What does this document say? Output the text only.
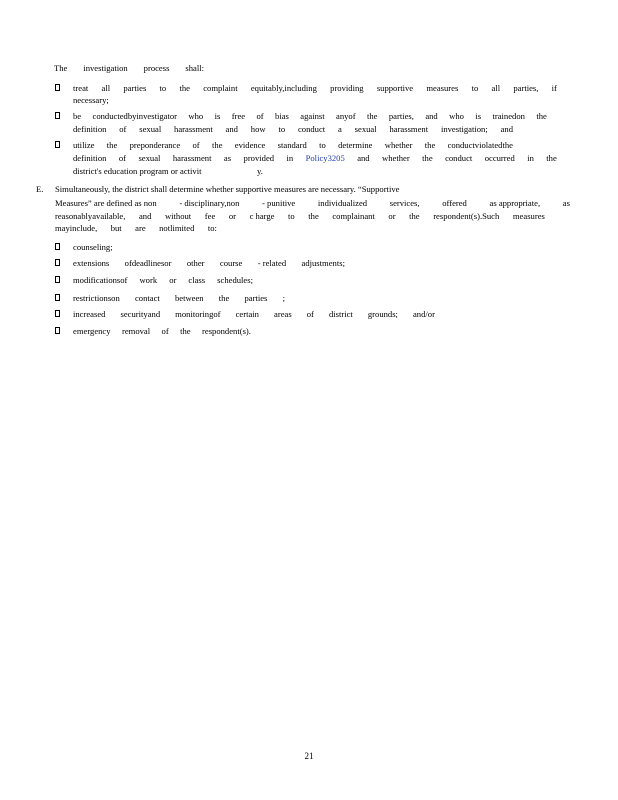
The investigation process shall:
treat all parties to the complaint equitably,including providing supportive measures to all parties, if
necessary;
be conductedbyinvestigator who is free of bias against anyof the parties, and who is trainedon the
definition of sexual harassment and how to conduct a sexual harassment investigation; and
utilize the preponderance of the evidence standard to determine whether the conductviolatedthe
definition of sexual harassment as provided in Policy3205 and whether the conduct occurred in the
district's education program or activit	y.
E. Simultaneously, the district shall determine whether supportive measures are necessary. “Supportive
Measures” are defined as non	- disciplinary,non	- punitive	individualized	services,	offered	as appropriate,	as
reasonablyavailable, and without fee or c harge to the complainant or the respondent(s).Such measures
mayinclude, but are notlimited to:
counseling;
extensions ofdeadlinesor other course - related adjustments;
modificationsof work or class schedules;
restrictionson contact between the parties ;
increased securityand monitoringof certain areas of district grounds; and/or
emergency removal of the respondent(s).
21
